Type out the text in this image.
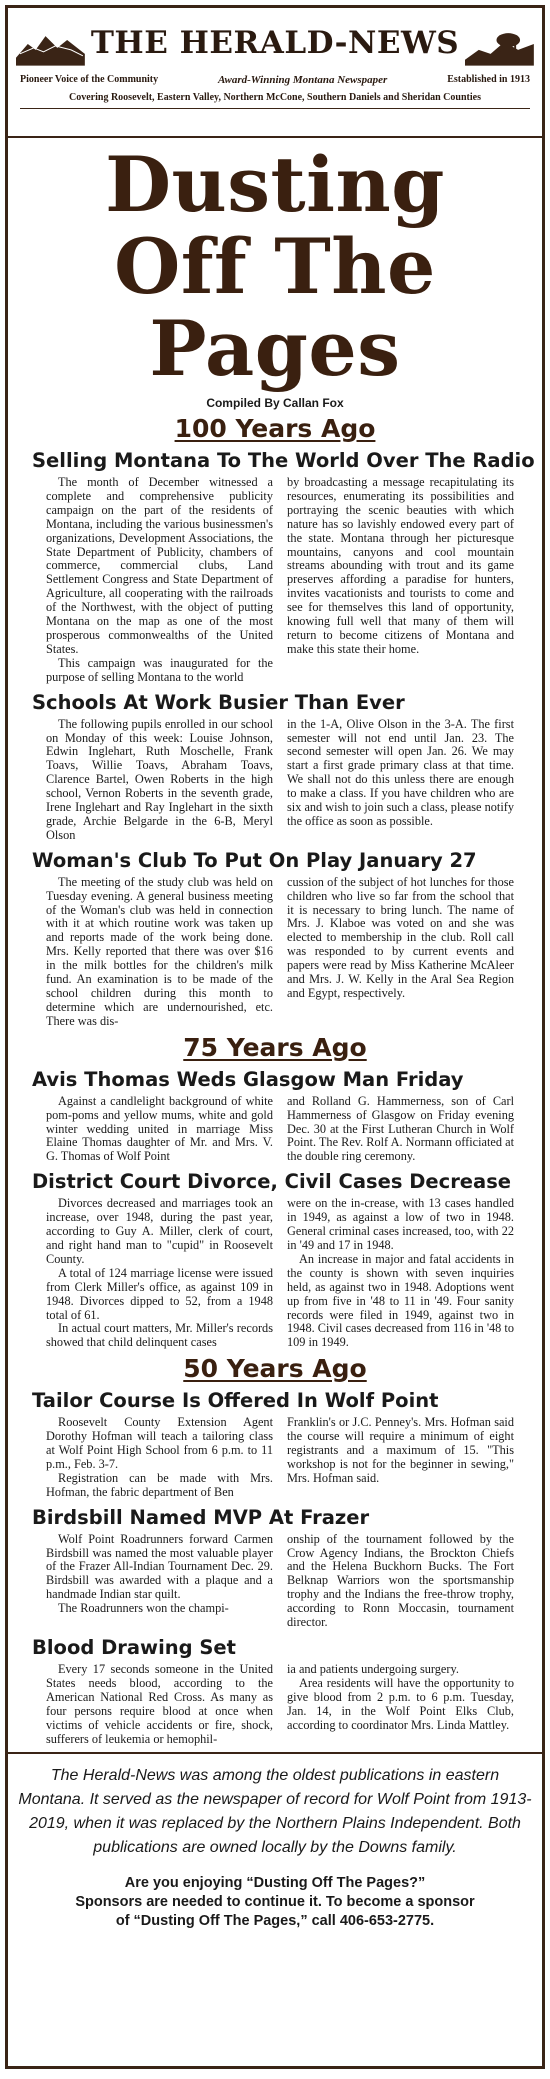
THE HERALD-NEWS
Pioneer Voice of the Community	Award-Winning Montana Newspaper	Established in 1913
Covering Roosevelt, Eastern Valley, Northern McCone, Southern Daniels and Sheridan Counties
Dusting
Off The Pages
Compiled By Callan Fox
100 Years Ago
Selling Montana To The World Over The Radio

The month of December witnessed a complete and comprehensive publicity campaign on the part of the residents of Montana, including the various businessmen's organizations, Development Associations, the State Department of Publicity, chambers of commerce, commercial clubs, Land Settlement Congress and State Department of Agriculture, all cooperating with the railroads of the Northwest, with the object of putting Montana on the map as one of the most prosperous commonwealths of the United States.

This campaign was inaugurated for the purpose of selling Montana to the world

by broadcasting a message recapitulating its resources, enumerating its possibilities and portraying the scenic beauties with which nature has so lavishly endowed every part of the state. Montana through her picturesque mountains, canyons and cool mountain streams abounding with trout and its game preserves affording a paradise for hunters, invites vacationists and tourists to come and see for themselves this land of opportunity, knowing full well that many of them will return to become citizens of Montana and make this state their home.

Schools At Work Busier Than Ever

The following pupils enrolled in our school on Monday of this week: Louise Johnson, Edwin Inglehart, Ruth Moschelle, Frank Toavs, Willie Toavs, Abraham Toavs, Clarence Bartel, Owen Roberts in the high school, Vernon Roberts in the seventh grade, Irene Inglehart and Ray Inglehart in the sixth grade, Archie Belgarde in the 6-B, Meryl Olson

in the 1-A, Olive Olson in the 3-A. The first semester will not end until Jan. 23. The second semester will open Jan. 26. We may start a first grade primary class at that time. We shall not do this unless there are enough to make a class. If you have children who are six and wish to join such a class, please notify the office as soon as possible.

Woman's Club To Put On Play January 27

The meeting of the study club was held on Tuesday evening. A general business meeting of the Woman's club was held in connection with it at which routine work was taken up and reports made of the work being done. Mrs. Kelly reported that there was over $16 in the milk bottles for the children's milk fund. An examination is to be made of the school children during this month to determine which are undernourished, etc. There was dis-

cussion of the subject of hot lunches for those children who live so far from the school that it is necessary to bring lunch. The name of Mrs. J. Klaboe was voted on and she was elected to membership in the club. Roll call was responded to by current events and papers were read by Miss Katherine McAleer and Mrs. J. W. Kelly in the Aral Sea Region and Egypt, respectively.

75 Years Ago
Avis Thomas Weds Glasgow Man Friday

Against a candlelight background of white pom-poms and yellow mums, white and gold winter wedding united in marriage Miss Elaine Thomas daughter of Mr. and Mrs. V. G. Thomas of Wolf Point

and Rolland G. Hammerness, son of Carl Hammerness of Glasgow on Friday evening Dec. 30 at the First Lutheran Church in Wolf Point. The Rev. Rolf A. Normann officiated at the double ring ceremony.

District Court Divorce, Civil Cases Decrease

Divorces decreased and marriages took an increase, over 1948, during the past year, according to Guy A. Miller, clerk of court, and right hand man to "cupid" in Roosevelt County.

A total of 124 marriage license were issued from Clerk Miller's office, as against 109 in 1948. Divorces dipped to 52, from a 1948 total of 61.

In actual court matters, Mr. Miller's records showed that child delinquent cases

were on the in-crease, with 13 cases handled in 1949, as against a low of two in 1948. General criminal cases increased, too, with 22 in '49 and 17 in 1948.

An increase in major and fatal accidents in the county is shown with seven inquiries held, as against two in 1948. Adoptions went up from five in '48 to 11 in '49. Four sanity records were filed in 1949, against two in 1948. Civil cases decreased from 116 in '48 to 109 in 1949.

50 Years Ago
Tailor Course Is Offered In Wolf Point

Roosevelt County Extension Agent Dorothy Hofman will teach a tailoring class at Wolf Point High School from 6 p.m. to 11 p.m., Feb. 3-7.

Registration can be made with Mrs. Hofman, the fabric department of Ben

Franklin's or J.C. Penney's. Mrs. Hofman said the course will require a minimum of eight registrants and a maximum of 15. "This workshop is not for the beginner in sewing," Mrs. Hofman said.

Birdsbill Named MVP At Frazer

Wolf Point Roadrunners forward Carmen Birdsbill was named the most valuable player of the Frazer All-Indian Tournament Dec. 29. Birdsbill was awarded with a plaque and a handmade Indian star quilt.

The Roadrunners won the champi-

onship of the tournament followed by the Crow Agency Indians, the Brockton Chiefs and the Helena Buckhorn Bucks. The Fort Belknap Warriors won the sportsmanship trophy and the Indians the free-throw trophy, according to Ronn Moccasin, tournament director.

Blood Drawing Set

Every 17 seconds someone in the United States needs blood, according to the American National Red Cross. As many as four persons require blood at once when victims of vehicle accidents or fire, shock, sufferers of leukemia or hemophil-

ia and patients undergoing surgery.

Area residents will have the opportunity to give blood from 2 p.m. to 6 p.m. Tuesday, Jan. 14, in the Wolf Point Elks Club, according to coordinator Mrs. Linda Mattley.

The Herald-News was among the oldest publications in eastern Montana. It served as the newspaper of record for Wolf Point from 1913-2019, when it was replaced by the Northern Plains Independent. Both publications are owned locally by the Downs family.
Are you enjoying “Dusting Off The Pages?”
Sponsors are needed to continue it. To become a sponsor
of “Dusting Off The Pages,” call 406-653-2775.
